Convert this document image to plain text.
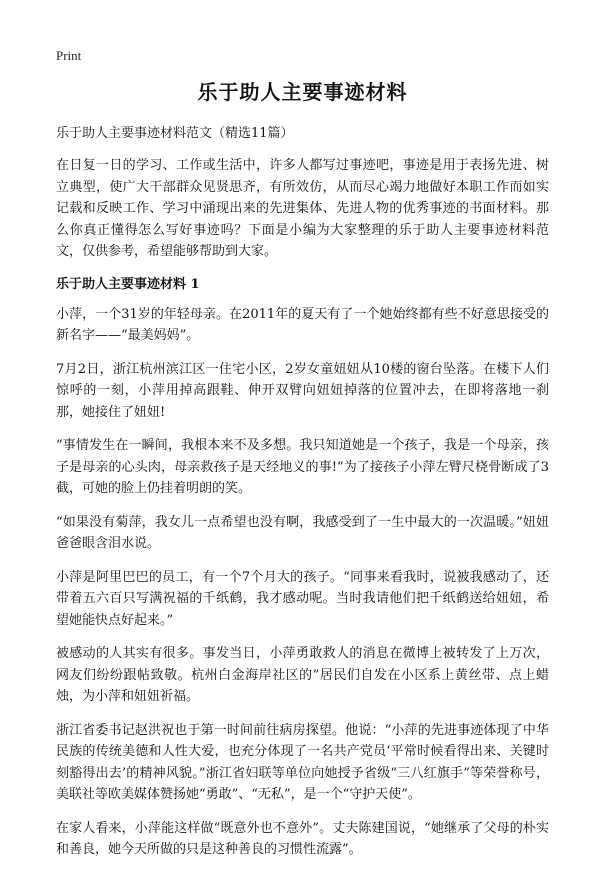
Print
乐于助人主要事迹材料
乐于助人主要事迹材料范文（精选11篇）

在日复一日的学习、工作或生活中，许多人都写过事迹吧，事迹是用于表扬先进、树立典型，使广大干部群众见贤思齐，有所效仿，从而尽心竭力地做好本职工作而如实记载和反映工作、学习中涌现出来的先进集体、先进人物的优秀事迹的书面材料。那么你真正懂得怎么写好事迹吗？下面是小编为大家整理的乐于助人主要事迹材料范文，仅供参考，希望能够帮助到大家。

乐于助人主要事迹材料 1

小萍，一个31岁的年轻母亲。在2011年的夏天有了一个她始终都有些不好意思接受的新名字——“最美妈妈”。

7月2日，浙江杭州滨江区一住宅小区，2岁女童妞妞从10楼的窗台坠落。在楼下人们惊呼的一刻，小萍用掉高跟鞋、伸开双臂向妞妞掉落的位置冲去，在即将落地一刹那，她接住了妞妞!

“事情发生在一瞬间，我根本来不及多想。我只知道她是一个孩子，我是一个母亲，孩子是母亲的心头肉，母亲救孩子是天经地义的事!”为了接孩子小萍左臂尺桡骨断成了3截，可她的脸上仍挂着明朗的笑。

“如果没有菊萍，我女儿一点希望也没有啊，我感受到了一生中最大的一次温暖。”妞妞爸爸眼含泪水说。

小萍是阿里巴巴的员工，有一个7个月大的孩子。“同事来看我时，说被我感动了，还带着五六百只写满祝福的千纸鹤，我才感动呢。当时我请他们把千纸鹤送给妞妞，希望她能快点好起来。”

被感动的人其实有很多。事发当日，小萍勇敢救人的消息在微博上被转发了上万次，网友们纷纷跟帖致敬。杭州白金海岸社区的”居民们自发在小区系上黄丝带、点上蜡烛，为小萍和妞妞祈福。

浙江省委书记赵洪祝也于第一时间前往病房探望。他说：“小萍的先进事迹体现了中华民族的传统美德和人性大爱，也充分体现了一名共产党员‘平常时候看得出来、关键时刻豁得出去’的精神风貌。”浙江省妇联等单位向她授予省级“三八红旗手”等荣誉称号，美联社等欧美媒体赞扬她“勇敢”、“无私”，是一个“守护天使”。

在家人看来，小萍能这样做“既意外也不意外”。丈夫陈建国说，“她继承了父母的朴实和善良，她今天所做的只是这种善良的习惯性流露”。
